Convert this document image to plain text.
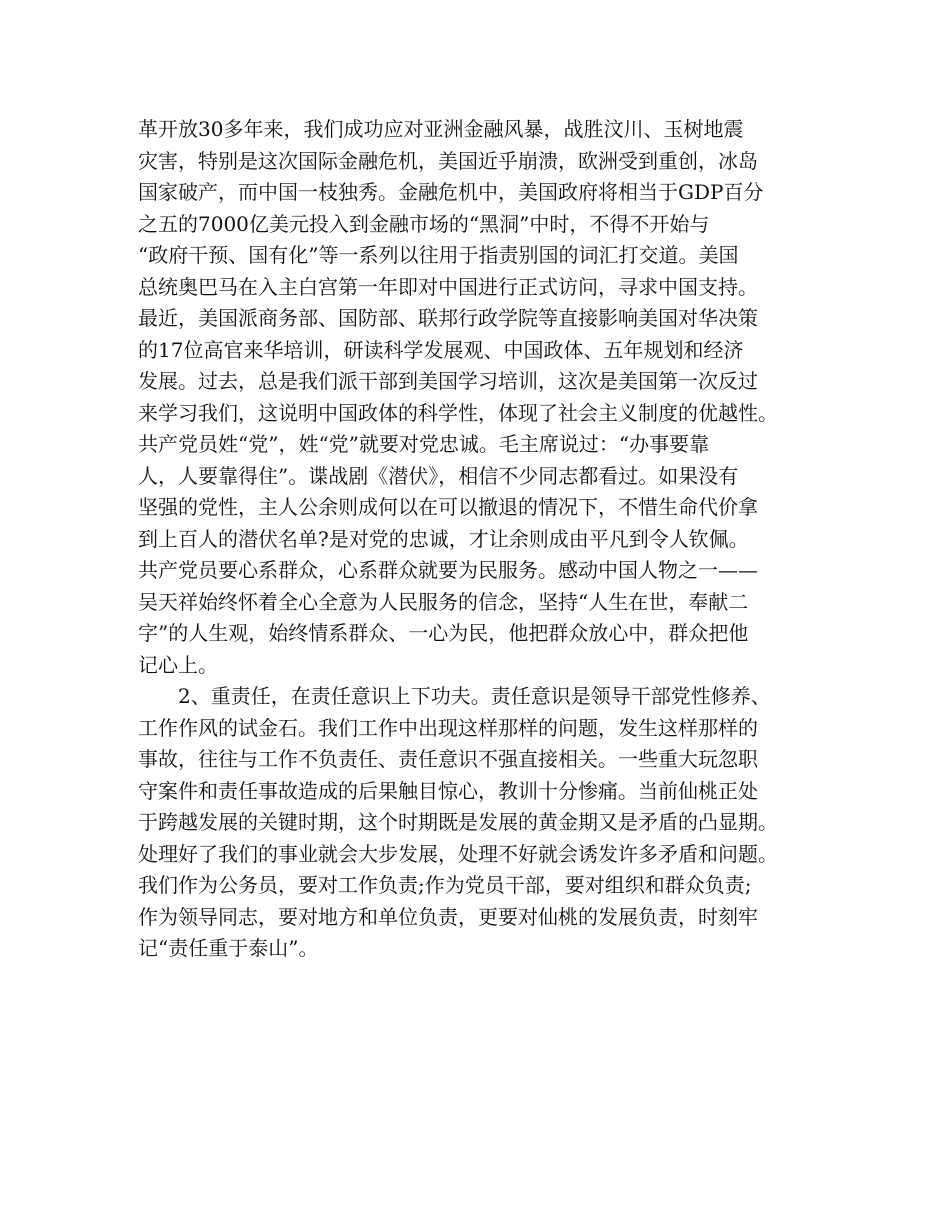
革开放30多年来，我们成功应对亚洲金融风暴，战胜汶川、玉树地震
灾害，特别是这次国际金融危机，美国近乎崩溃，欧洲受到重创，冰岛
国家破产，而中国一枝独秀。金融危机中，美国政府将相当于GDP百分
之五的7000亿美元投入到金融市场的“黑洞”中时，不得不开始与
“政府干预、国有化”等一系列以往用于指责别国的词汇打交道。美国
总统奥巴马在入主白宫第一年即对中国进行正式访问，寻求中国支持。
最近，美国派商务部、国防部、联邦行政学院等直接影响美国对华决策
的17位高官来华培训，研读科学发展观、中国政体、五年规划和经济
发展。过去，总是我们派干部到美国学习培训，这次是美国第一次反过
来学习我们，这说明中国政体的科学性，体现了社会主义制度的优越性。
共产党员姓“党”，姓“党”就要对党忠诚。毛主席说过：“办事要靠
人，人要靠得住”。谍战剧《潜伏》，相信不少同志都看过。如果没有
坚强的党性，主人公余则成何以在可以撤退的情况下，不惜生命代价拿
到上百人的潜伏名单?是对党的忠诚，才让余则成由平凡到令人钦佩。
共产党员要心系群众，心系群众就要为民服务。感动中国人物之一——
吴天祥始终怀着全心全意为人民服务的信念，坚持“人生在世，奉献二
字”的人生观，始终情系群众、一心为民，他把群众放心中，群众把他
记心上。
　　2、重责任，在责任意识上下功夫。责任意识是领导干部党性修养、
工作作风的试金石。我们工作中出现这样那样的问题，发生这样那样的
事故，往往与工作不负责任、责任意识不强直接相关。一些重大玩忽职
守案件和责任事故造成的后果触目惊心，教训十分惨痛。当前仙桃正处
于跨越发展的关键时期，这个时期既是发展的黄金期又是矛盾的凸显期。
处理好了我们的事业就会大步发展，处理不好就会诱发许多矛盾和问题。
我们作为公务员，要对工作负责;作为党员干部，要对组织和群众负责;
作为领导同志，要对地方和单位负责，更要对仙桃的发展负责，时刻牢
记“责任重于泰山”。
